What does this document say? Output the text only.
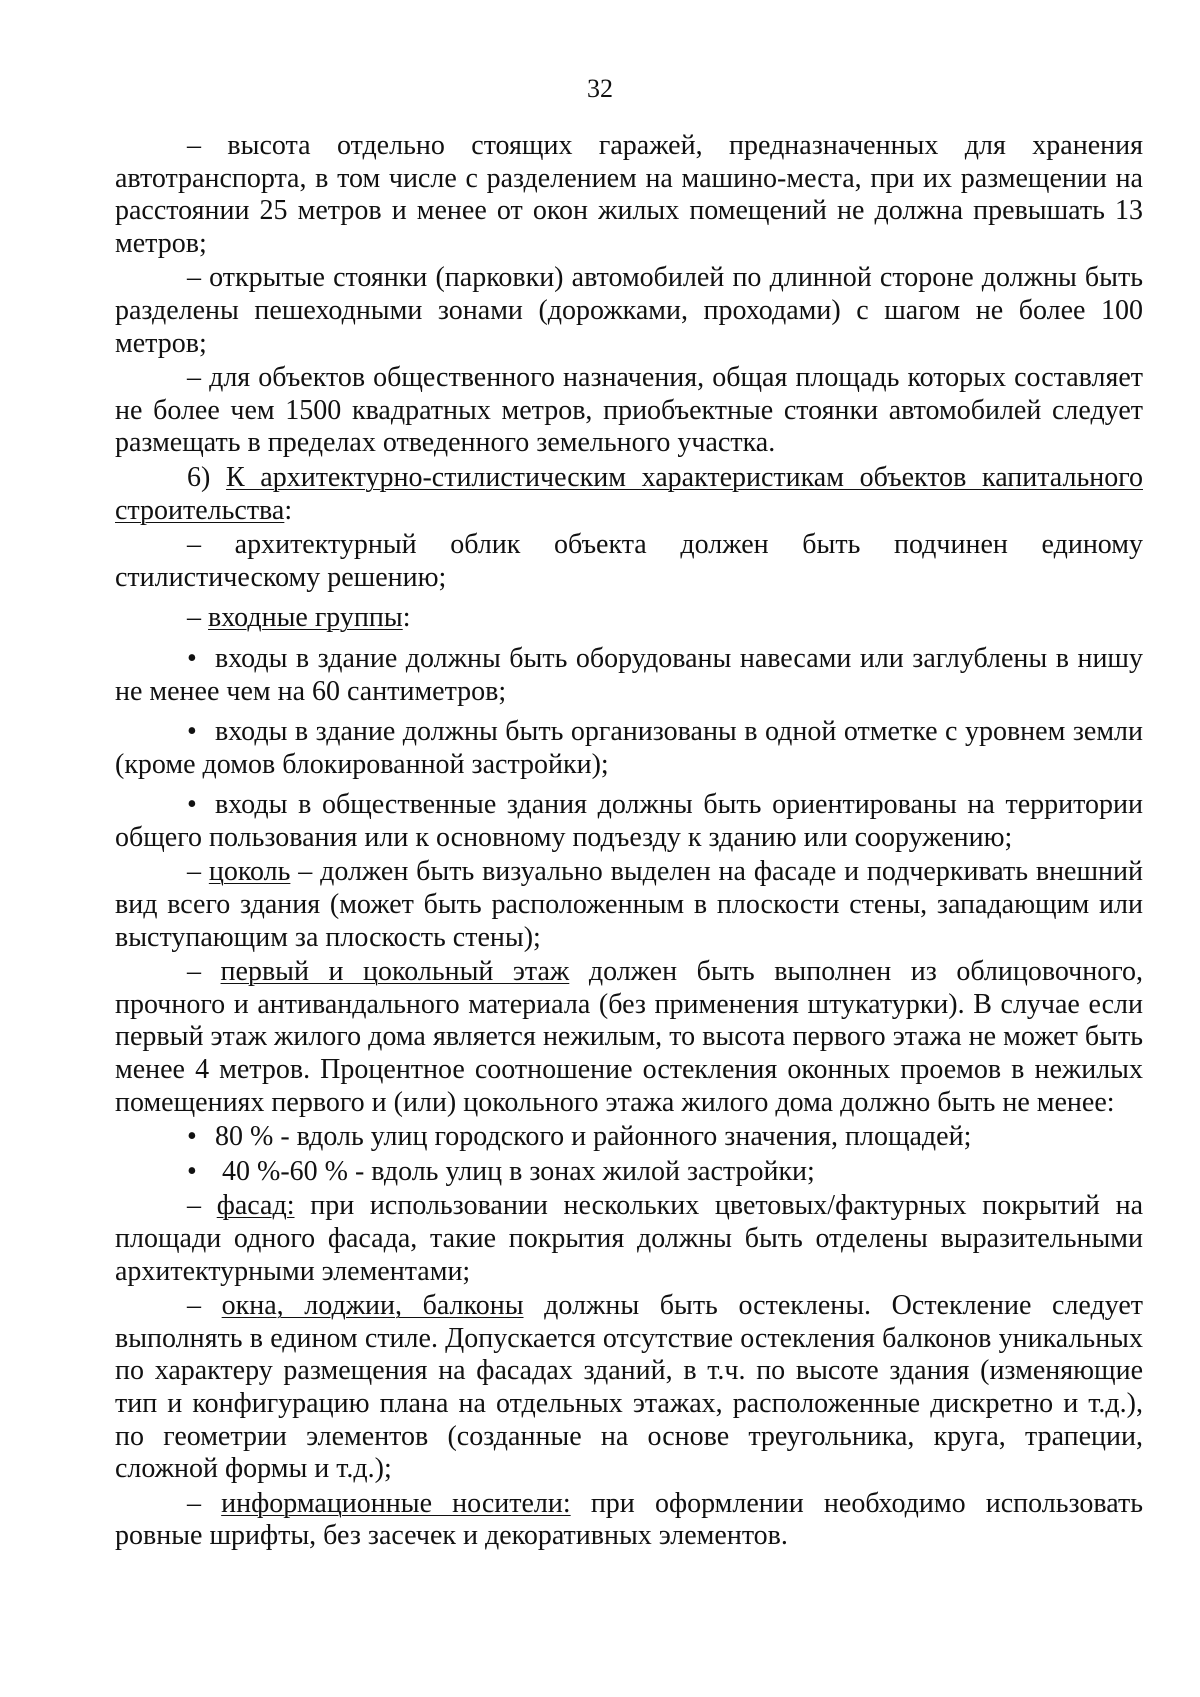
32

– высота отдельно стоящих гаражей, предназначенных для хранения автотранспорта, в том числе с разделением на машино-места, при их размещении на расстоянии 25 метров и менее от окон жилых помещений не должна превышать 13 метров;

– открытые стоянки (парковки) автомобилей по длинной стороне должны быть разделены пешеходными зонами (дорожками, проходами) с шагом не более 100 метров;

– для объектов общественного назначения, общая площадь которых составляет не более чем 1500 квадратных метров, приобъектные стоянки автомобилей следует размещать в пределах отведенного земельного участка.

6) К архитектурно-стилистическим характеристикам объектов капитального строительства:

– архитектурный облик объекта должен быть подчинен единому стилистическому решению;

– входные группы:

• входы в здание должны быть оборудованы навесами или заглублены в нишу не менее чем на 60 сантиметров;

• входы в здание должны быть организованы в одной отметке с уровнем земли (кроме домов блокированной застройки);

• входы в общественные здания должны быть ориентированы на территории общего пользования или к основному подъезду к зданию или сооружению;

– цоколь – должен быть визуально выделен на фасаде и подчеркивать внешний вид всего здания (может быть расположенным в плоскости стены, западающим или выступающим за плоскость стены);

– первый и цокольный этаж должен быть выполнен из облицовочного, прочного и антивандального материала (без применения штукатурки). В случае если первый этаж жилого дома является нежилым, то высота первого этажа не может быть менее 4 метров. Процентное соотношение остекления оконных проемов в нежилых помещениях первого и (или) цокольного этажа жилого дома должно быть не менее:

• 80 % - вдоль улиц городского и районного значения, площадей;

• 40 %-60 % - вдоль улиц в зонах жилой застройки;

– фасад: при использовании нескольких цветовых/фактурных покрытий на площади одного фасада, такие покрытия должны быть отделены выразительными архитектурными элементами;

– окна, лоджии, балконы должны быть остеклены. Остекление следует выполнять в едином стиле. Допускается отсутствие остекления балконов уникальных по характеру размещения на фасадах зданий, в т.ч. по высоте здания (изменяющие тип и конфигурацию плана на отдельных этажах, расположенные дискретно и т.д.), по геометрии элементов (созданные на основе треугольника, круга, трапеции, сложной формы и т.д.);

– информационные носители: при оформлении необходимо использовать ровные шрифты, без засечек и декоративных элементов.
